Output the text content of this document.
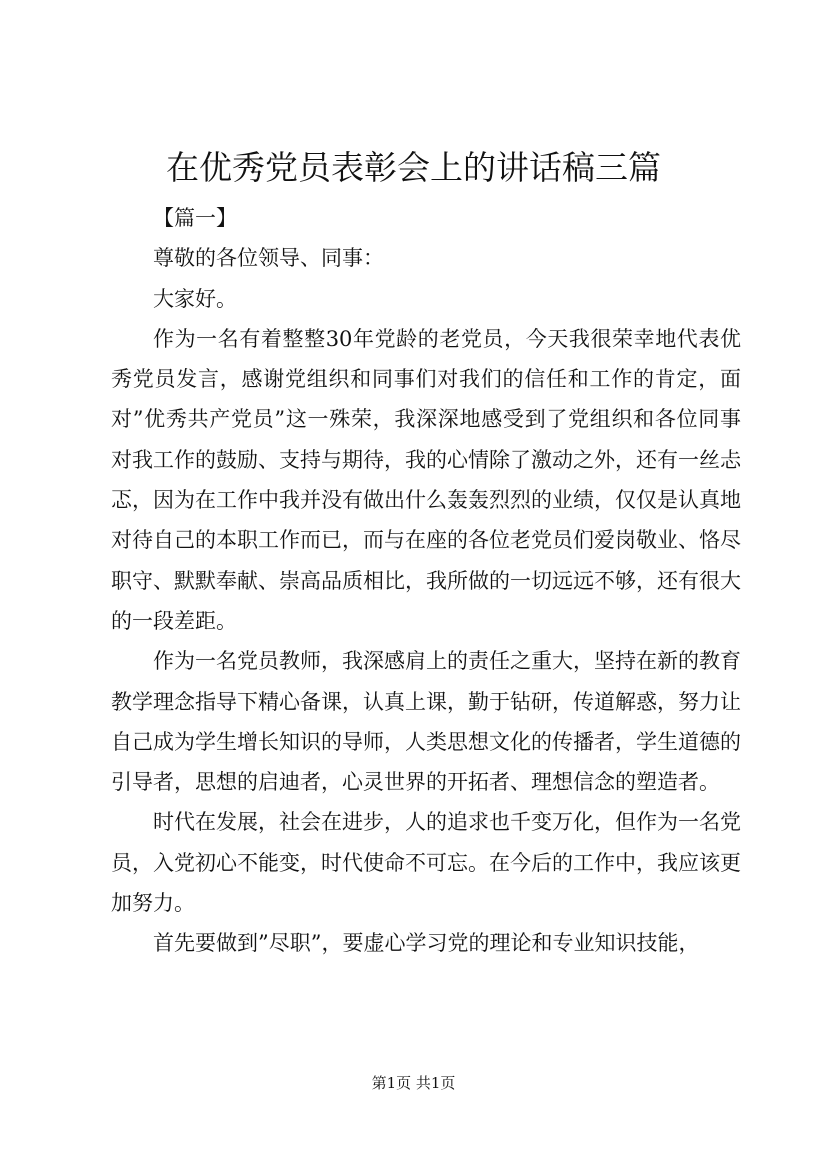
在优秀党员表彰会上的讲话稿三篇

【篇一】

尊敬的各位领导、同事：

大家好。

作为一名有着整整30年党龄的老党员，今天我很荣幸地代表优秀党员发言，感谢党组织和同事们对我们的信任和工作的肯定，面对”优秀共产党员”这一殊荣，我深深地感受到了党组织和各位同事对我工作的鼓励、支持与期待，我的心情除了激动之外，还有一丝忐忑，因为在工作中我并没有做出什么轰轰烈烈的业绩，仅仅是认真地对待自己的本职工作而已，而与在座的各位老党员们爱岗敬业、恪尽职守、默默奉献、崇高品质相比，我所做的一切远远不够，还有很大的一段差距。

作为一名党员教师，我深感肩上的责任之重大，坚持在新的教育教学理念指导下精心备课，认真上课，勤于钻研，传道解惑，努力让自己成为学生增长知识的导师，人类思想文化的传播者，学生道德的引导者，思想的启迪者，心灵世界的开拓者、理想信念的塑造者。

时代在发展，社会在进步，人的追求也千变万化，但作为一名党员，入党初心不能变，时代使命不可忘。在今后的工作中，我应该更加努力。

首先要做到”尽职”，要虚心学习党的理论和专业知识技能，

第1页 共1页
